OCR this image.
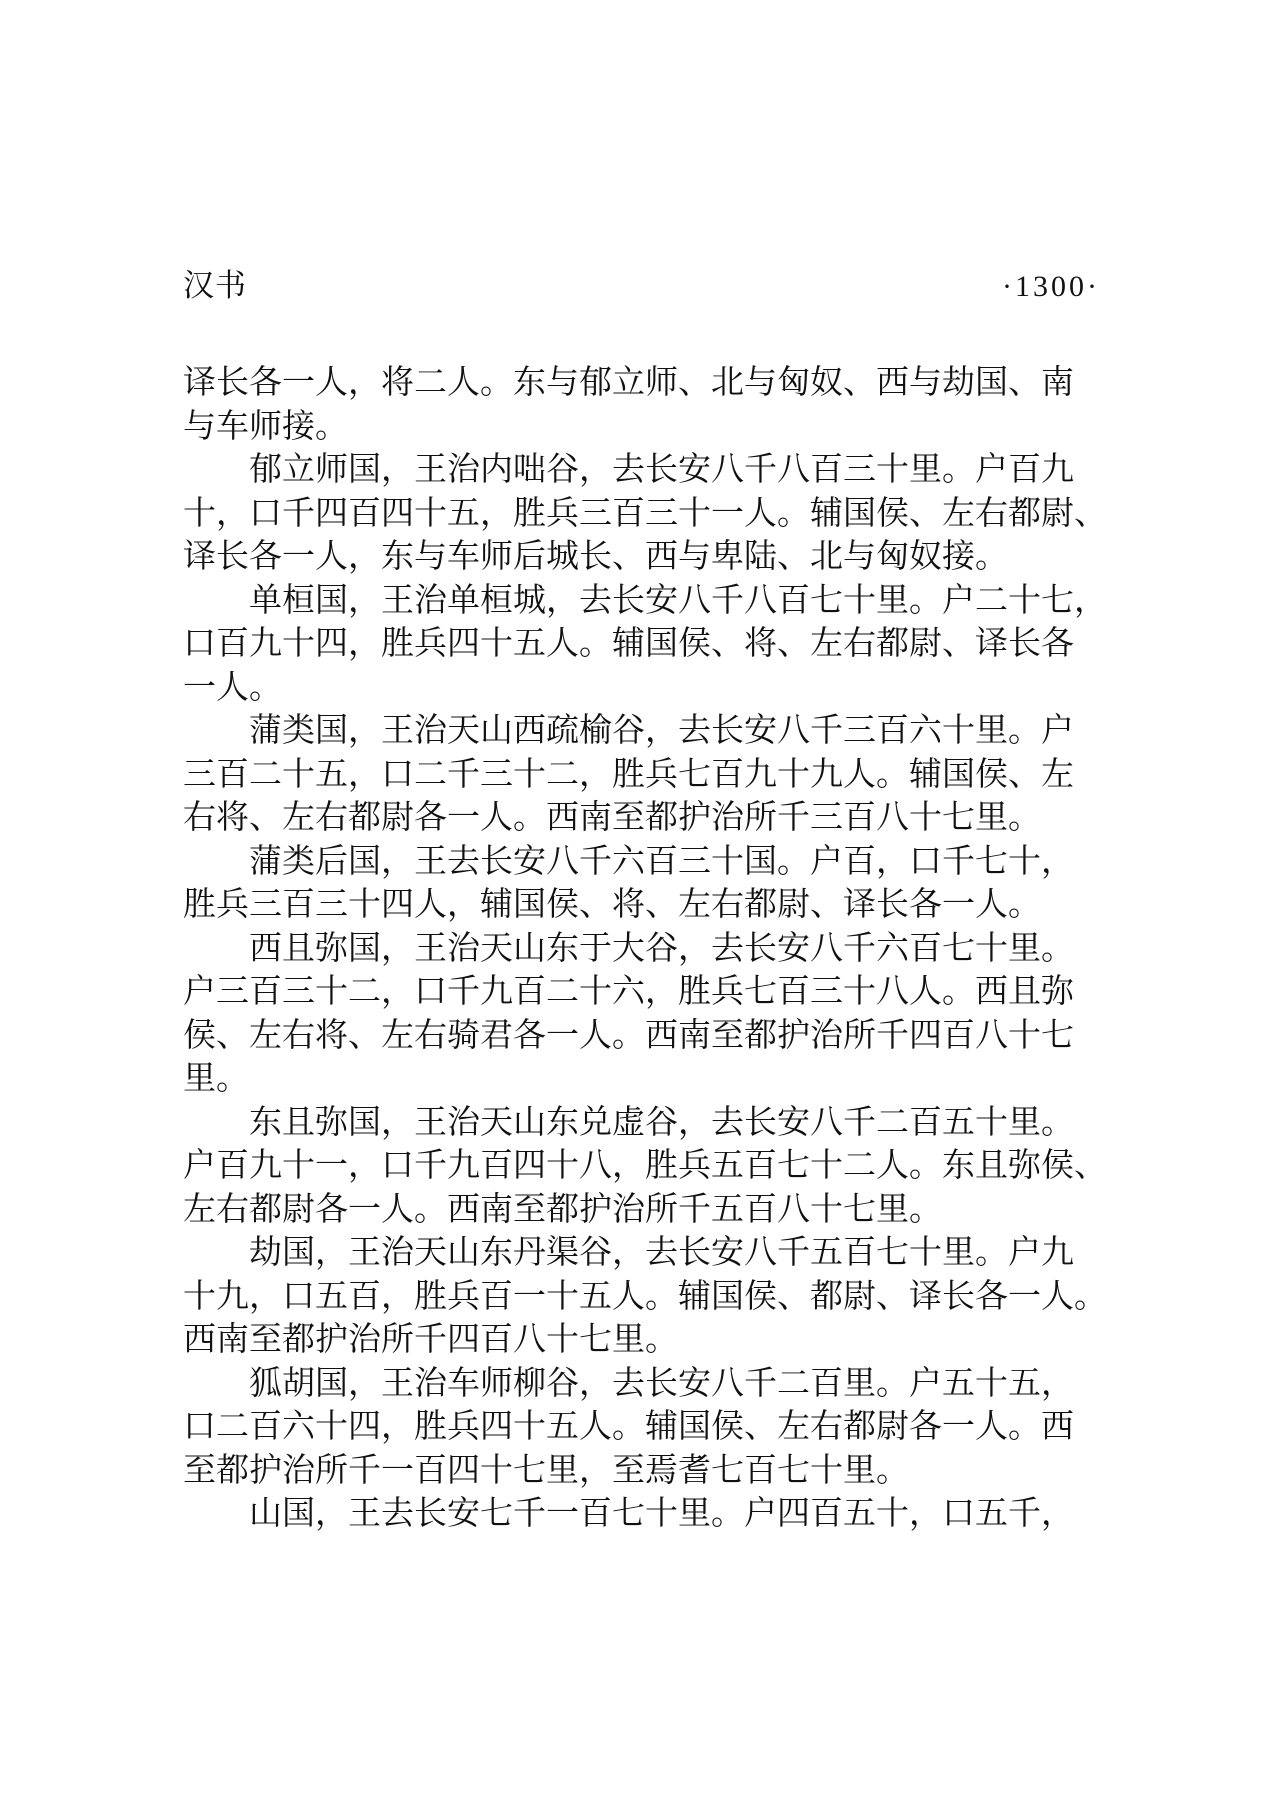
汉书	·1300·
译长各一人，将二人。东与郁立师、北与匈奴、西与劫国、南
与车师接。
　　郁立师国，王治内咄谷，去长安八千八百三十里。户百九
十，口千四百四十五，胜兵三百三十一人。辅国侯、左右都尉、
译长各一人，东与车师后城长、西与卑陆、北与匈奴接。
　　单桓国，王治单桓城，去长安八千八百七十里。户二十七，
口百九十四，胜兵四十五人。辅国侯、将、左右都尉、译长各
一人。
　　蒲类国，王治天山西疏榆谷，去长安八千三百六十里。户
三百二十五，口二千三十二，胜兵七百九十九人。辅国侯、左
右将、左右都尉各一人。西南至都护治所千三百八十七里。
　　蒲类后国，王去长安八千六百三十国。户百，口千七十，
胜兵三百三十四人，辅国侯、将、左右都尉、译长各一人。
　　西且弥国，王治天山东于大谷，去长安八千六百七十里。
户三百三十二，口千九百二十六，胜兵七百三十八人。西且弥
侯、左右将、左右骑君各一人。西南至都护治所千四百八十七
里。
　　东且弥国，王治天山东兑虚谷，去长安八千二百五十里。
户百九十一，口千九百四十八，胜兵五百七十二人。东且弥侯、
左右都尉各一人。西南至都护治所千五百八十七里。
　　劫国，王治天山东丹渠谷，去长安八千五百七十里。户九
十九，口五百，胜兵百一十五人。辅国侯、都尉、译长各一人。
西南至都护治所千四百八十七里。
　　狐胡国，王治车师柳谷，去长安八千二百里。户五十五，
口二百六十四，胜兵四十五人。辅国侯、左右都尉各一人。西
至都护治所千一百四十七里，至焉耆七百七十里。
　　山国，王去长安七千一百七十里。户四百五十，口五千，
